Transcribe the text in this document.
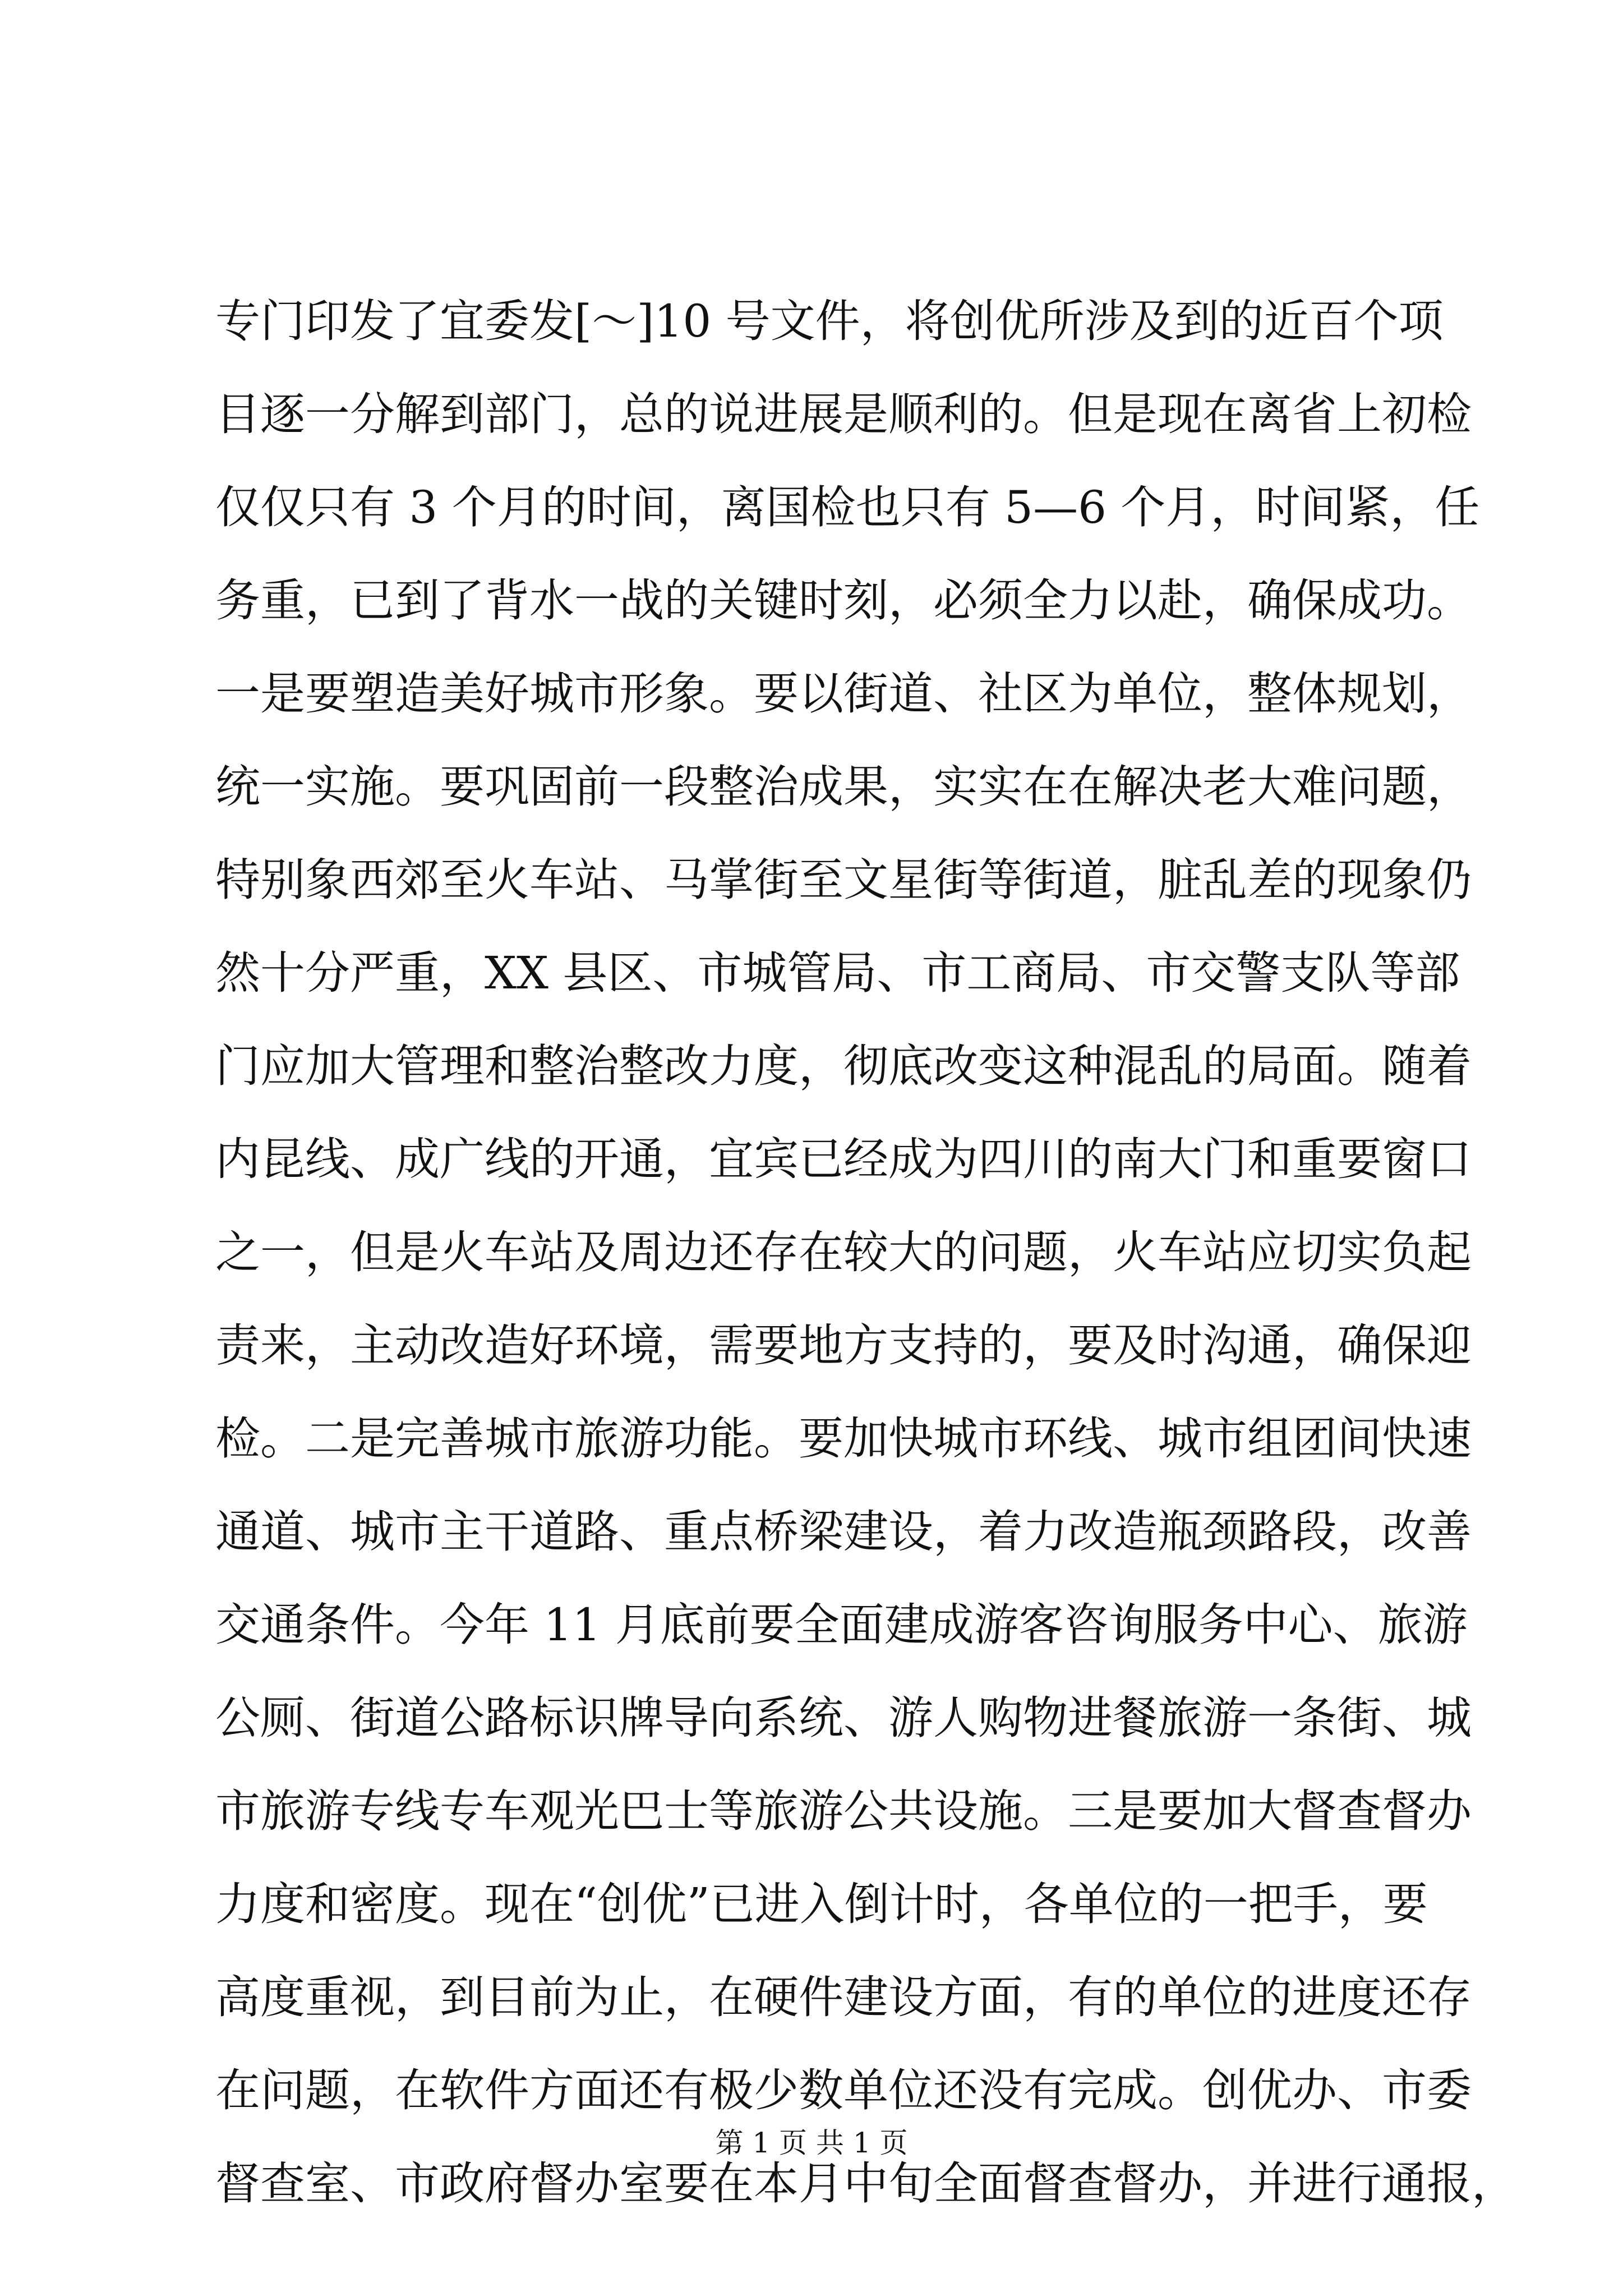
专门印发了宜委发[～]10 号文件，将创优所涉及到的近百个项
目逐一分解到部门，总的说进展是顺利的。但是现在离省上初检
仅仅只有 3 个月的时间，离国检也只有 5—6 个月，时间紧，任
务重，已到了背水一战的关键时刻，必须全力以赴，确保成功。
一是要塑造美好城市形象。要以街道、社区为单位，整体规划，
统一实施。要巩固前一段整治成果，实实在在解决老大难问题，
特别象西郊至火车站、马掌街至文星街等街道，脏乱差的现象仍
然十分严重，XX 县区、市城管局、市工商局、市交警支队等部
门应加大管理和整治整改力度，彻底改变这种混乱的局面。随着
内昆线、成广线的开通，宜宾已经成为四川的南大门和重要窗口
之一，但是火车站及周边还存在较大的问题，火车站应切实负起
责来，主动改造好环境，需要地方支持的，要及时沟通，确保迎
检。二是完善城市旅游功能。要加快城市环线、城市组团间快速
通道、城市主干道路、重点桥梁建设，着力改造瓶颈路段，改善
交通条件。今年 11 月底前要全面建成游客咨询服务中心、旅游
公厕、街道公路标识牌导向系统、游人购物进餐旅游一条街、城
市旅游专线专车观光巴士等旅游公共设施。三是要加大督查督办
力度和密度。现在“创优”已进入倒计时，各单位的一把手，要
高度重视，到目前为止，在硬件建设方面，有的单位的进度还存
在问题，在软件方面还有极少数单位还没有完成。创优办、市委
督查室、市政府督办室要在本月中旬全面督查督办，并进行通报，
第 1 页 共 1 页
